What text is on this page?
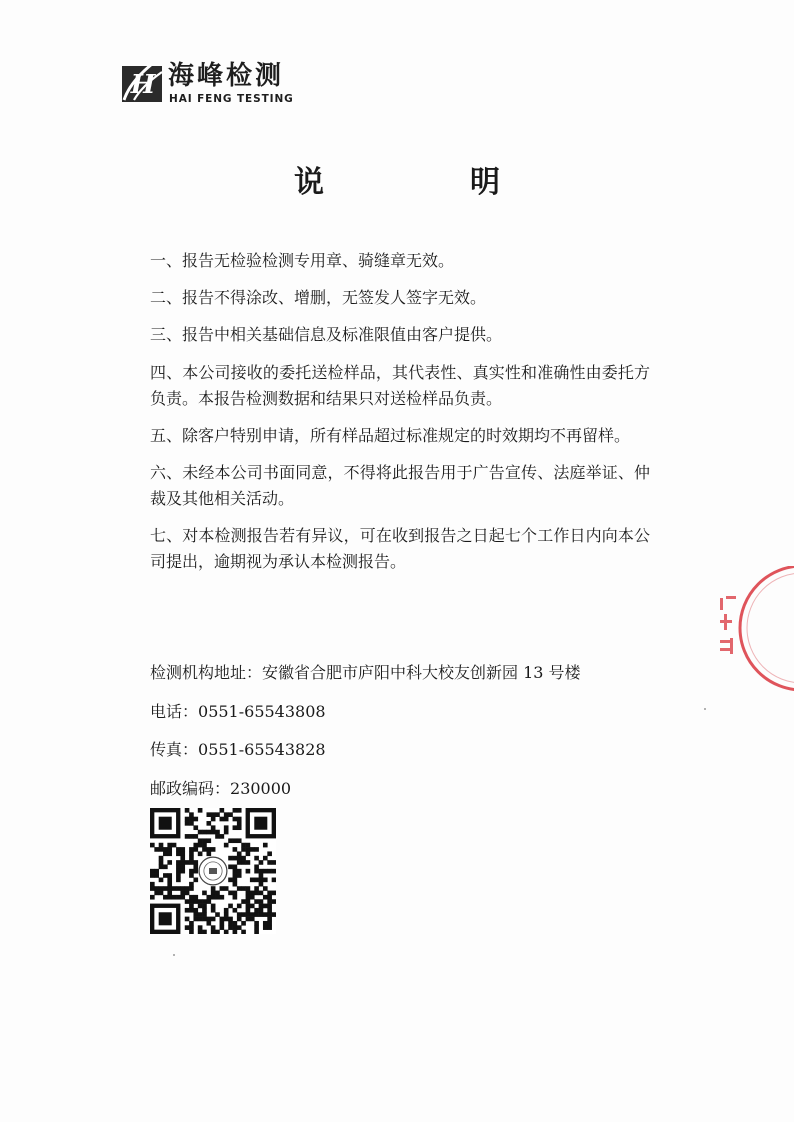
H 海峰检测
HAI FENG TESTING
说　明
一、报告无检验检测专用章、骑缝章无效。
二、报告不得涂改、增删，无签发人签字无效。
三、报告中相关基础信息及标准限值由客户提供。
四、本公司接收的委托送检样品，其代表性、真实性和准确性由委托方负责。本报告检测数据和结果只对送检样品负责。
五、除客户特别申请，所有样品超过标准规定的时效期均不再留样。
六、未经本公司书面同意，不得将此报告用于广告宣传、法庭举证、仲裁及其他相关活动。
七、对本检测报告若有异议，可在收到报告之日起七个工作日内向本公司提出，逾期视为承认本检测报告。
检测机构地址：安徽省合肥市庐阳中科大校友创新园 13 号楼
电话：0551-65543808
传真：0551-65543828
邮政编码：230000
